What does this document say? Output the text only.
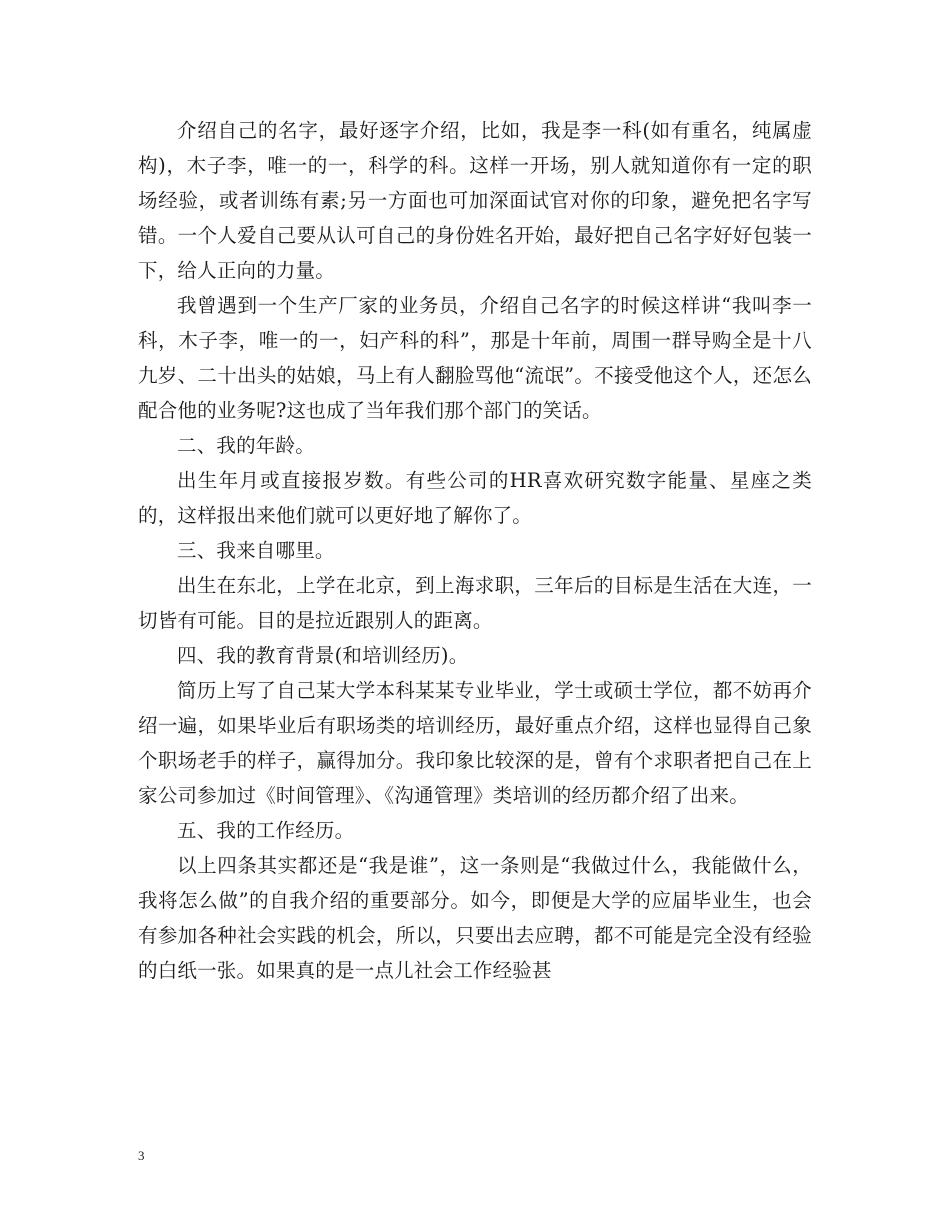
介绍自己的名字，最好逐字介绍，比如，我是李一科(如有重名，纯属虚构)，木子李，唯一的一，科学的科。这样一开场，别人就知道你有一定的职场经验，或者训练有素;另一方面也可加深面试官对你的印象，避免把名字写错。一个人爱自己要从认可自己的身份姓名开始，最好把自己名字好好包装一下，给人正向的力量。

我曾遇到一个生产厂家的业务员，介绍自己名字的时候这样讲“我叫李一科，木子李，唯一的一，妇产科的科”，那是十年前，周围一群导购全是十八九岁、二十出头的姑娘，马上有人翻脸骂他“流氓”。不接受他这个人，还怎么配合他的业务呢?这也成了当年我们那个部门的笑话。

二、我的年龄。

出生年月或直接报岁数。有些公司的HR喜欢研究数字能量、星座之类的，这样报出来他们就可以更好地了解你了。

三、我来自哪里。

出生在东北，上学在北京，到上海求职，三年后的目标是生活在大连，一切皆有可能。目的是拉近跟别人的距离。

四、我的教育背景(和培训经历)。

简历上写了自己某大学本科某某专业毕业，学士或硕士学位，都不妨再介绍一遍，如果毕业后有职场类的培训经历，最好重点介绍，这样也显得自己象个职场老手的样子，赢得加分。我印象比较深的是，曾有个求职者把自己在上家公司参加过《时间管理》、《沟通管理》类培训的经历都介绍了出来。

五、我的工作经历。

以上四条其实都还是“我是谁”，这一条则是“我做过什么，我能做什么，我将怎么做”的自我介绍的重要部分。如今，即便是大学的应届毕业生，也会有参加各种社会实践的机会，所以，只要出去应聘，都不可能是完全没有经验的白纸一张。如果真的是一点儿社会工作经验甚

3
